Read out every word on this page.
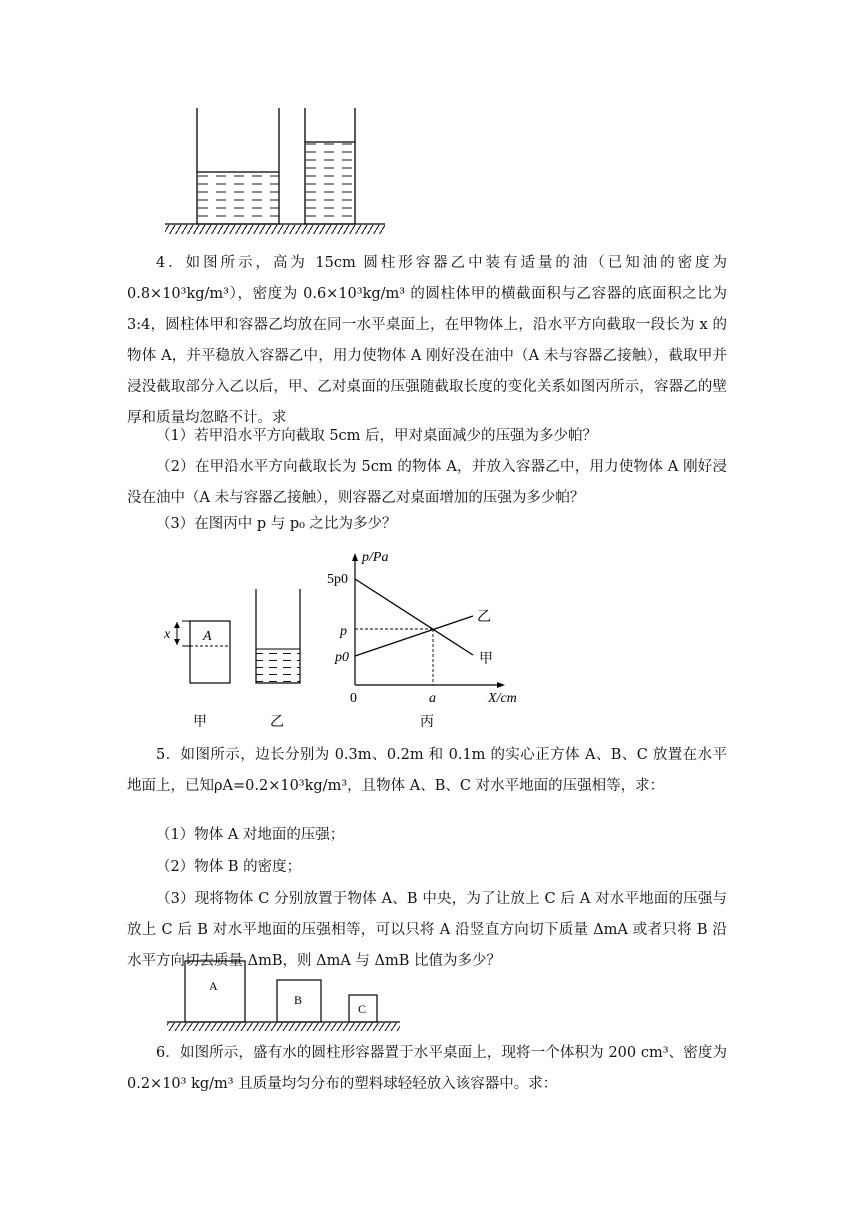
4．如图所示，高为 15cm 圆柱形容器乙中装有适量的油（已知油的密度为 0.8×10³kg/m³），密度为 0.6×10³kg/m³ 的圆柱体甲的横截面积与乙容器的底面积之比为 3:4，圆柱体甲和容器乙均放在同一水平桌面上，在甲物体上，沿水平方向截取一段长为 x 的物体 A，并平稳放入容器乙中，用力使物体 A 刚好没在油中（A 未与容器乙接触），截取甲并浸没截取部分入乙以后，甲、乙对桌面的压强随截取长度的变化关系如图丙所示，容器乙的壁厚和质量均忽略不计。求
（1）若甲沿水平方向截取 5cm 后，甲对桌面减少的压强为多少帕？
（2）在甲沿水平方向截取长为 5cm 的物体 A，并放入容器乙中，用力使物体 A 刚好浸没在油中（A 未与容器乙接触），则容器乙对桌面增加的压强为多少帕？
（3）在图丙中 p 与 p₀ 之比为多少？
x A
p/Pa
5p0
p
p0
0	a	X/cm
乙
甲
甲	乙	丙
5．如图所示，边长分别为 0.3m、0.2m 和 0.1m 的实心正方体 A、B、C 放置在水平地面上，已知ρA=0.2×10³kg/m³，且物体 A、B、C 对水平地面的压强相等，求：
（1）物体 A 对地面的压强；
（2）物体 B 的密度；
（3）现将物体 C 分别放置于物体 A、B 中央，为了让放上 C 后 A 对水平地面的压强与放上 C 后 B 对水平地面的压强相等，可以只将 A 沿竖直方向切下质量 ΔmA 或者只将 B 沿水平方向切去质量 ΔmB，则 ΔmA 与 ΔmB 比值为多少？
A
B
C
6．如图所示，盛有水的圆柱形容器置于水平桌面上，现将一个体积为 200 cm³、密度为 0.2×10³ kg/m³ 且质量均匀分布的塑料球轻轻放入该容器中。求：
